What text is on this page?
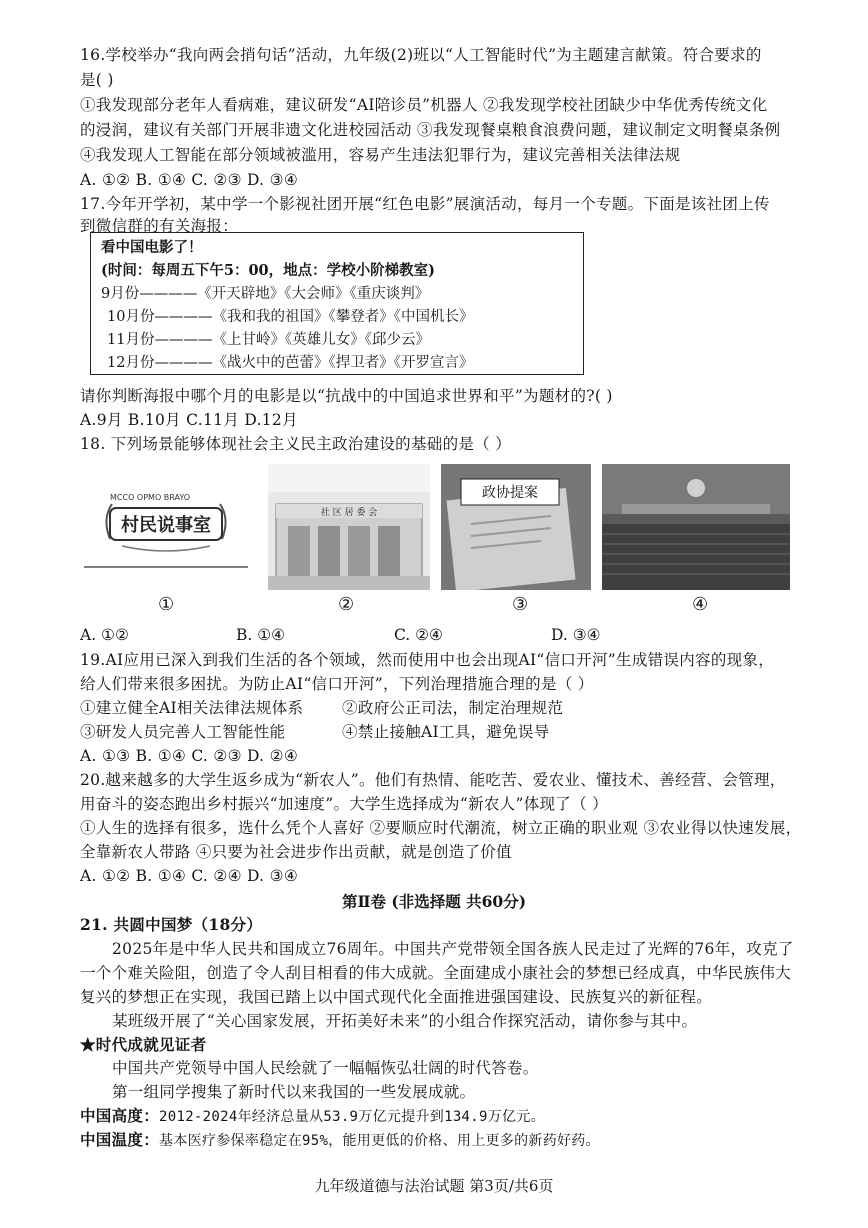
16.学校举办“我向两会捎句话”活动，九年级(2)班以“人工智能时代”为主题建言献策。符合要求的
是( )
①我发现部分老年人看病难，建议研发“AI陪诊员”机器人 ②我发现学校社团缺少中华优秀传统文化
的浸润，建议有关部门开展非遗文化进校园活动 ③我发现餐桌粮食浪费问题，建议制定文明餐桌条例
④我发现人工智能在部分领域被滥用，容易产生违法犯罪行为，建议完善相关法律法规
A. ①② B. ①④ C. ②③ D. ③④
17.今年开学初，某中学一个影视社团开展“红色电影”展演活动，每月一个专题。下面是该社团上传
到微信群的有关海报：
看中国电影了！
(时间：每周五下午5：00，地点：学校小阶梯教室)
9月份————《开天辟地》《大会师》《重庆谈判》
10月份————《我和我的祖国》《攀登者》《中国机长》
11月份————《上甘岭》《英雄儿女》《邱少云》
12月份————《战火中的芭蕾》《捍卫者》《开罗宣言》
请你判断海报中哪个月的电影是以“抗战中的中国追求世界和平”为题材的?( )
A.9月 B.10月 C.11月 D.12月
18. 下列场景能够体现社会主义民主政治建设的基础的是（ ）
MCCO OPMO BRAYO
村民说事室
①
社 区 居 委 会
②
政协提案
③	④
A. ①②	B. ①④	C. ②④	D. ③④
19.AI应用已深入到我们生活的各个领域，然而使用中也会出现AI“信口开河”生成错误内容的现象，
给人们带来很多困扰。为防止AI“信口开河”，下列治理措施合理的是（ ）
①建立健全AI相关法律法规体系 ②政府公正司法，制定治理规范
③研发人员完善人工智能性能	④禁止接触AI工具，避免误导
A. ①③ B. ①④ C. ②③ D. ②④
20.越来越多的大学生返乡成为“新农人”。他们有热情、能吃苦、爱农业、懂技术、善经营、会管理，
用奋斗的姿态跑出乡村振兴“加速度”。大学生选择成为“新农人”体现了（ ）
①人生的选择有很多，选什么凭个人喜好 ②要顺应时代潮流，树立正确的职业观 ③农业得以快速发展，
全靠新农人带路 ④只要为社会进步作出贡献，就是创造了价值
A. ①② B. ①④ C. ②④ D. ③④
第Ⅱ卷 (非选择题 共60分)
21. 共圆中国梦（18分）
2025年是中华人民共和国成立76周年。中国共产党带领全国各族人民走过了光辉的76年，攻克了
一个个难关险阻，创造了令人刮目相看的伟大成就。全面建成小康社会的梦想已经成真，中华民族伟大
复兴的梦想正在实现，我国已踏上以中国式现代化全面推进强国建设、民族复兴的新征程。
某班级开展了“关心国家发展，开拓美好未来”的小组合作探究活动，请你参与其中。
★时代成就见证者
中国共产党领导中国人民绘就了一幅幅恢弘壮阔的时代答卷。
第一组同学搜集了新时代以来我国的一些发展成就。
中国高度：2012-2024年经济总量从53.9万亿元提升到134.9万亿元。
中国温度：基本医疗参保率稳定在95%，能用更低的价格、用上更多的新药好药。
九年级道德与法治试题 第3页/共6页
